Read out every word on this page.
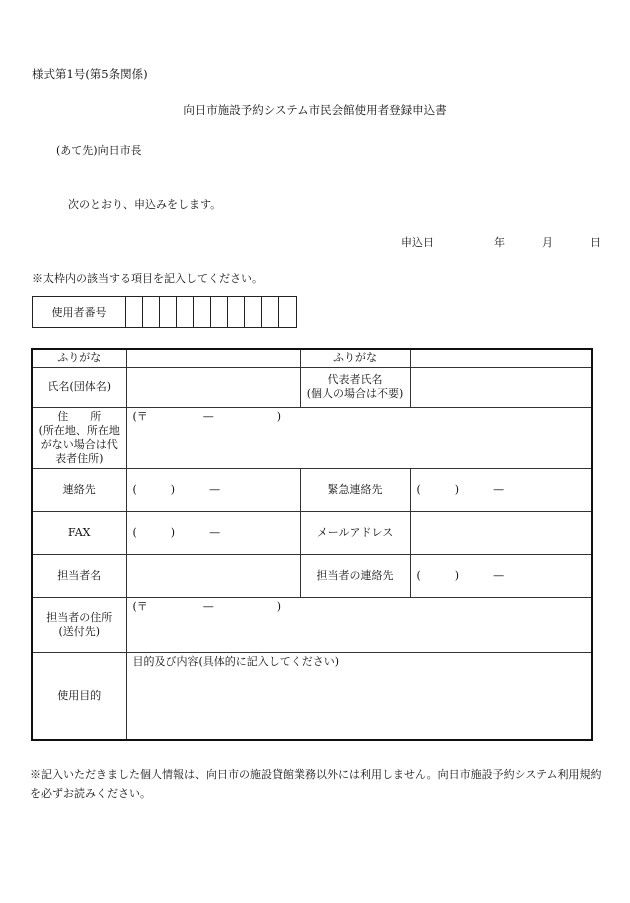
様式第1号(第5条関係)
向日市施設予約システム市民会館使用者登録申込書
(あて先)向日市長
次のとおり、申込みをします。
申込日	年	月	日
※太枠内の該当する項目を記入してください。
使用者番号
ふりがな		ふりがな	
氏名(団体名)		代表者氏名
(個人の場合は不要)	

住　　所
(所在地、所在地
がない場合は代
表者住所)	(〒 — )		
連絡先	( ) —	緊急連絡先	( ) —
FAX	( ) —	メールアドレス	
担当者名		担当者の連絡先	( ) —

担当者の住所
(送付先)	(〒 — )		
使用目的	目的及び内容(具体的に記入してください)		
※記入いただきました個人情報は、向日市の施設貸館業務以外には利用しません。向日市施設予約システム利用規約を必ずお読みください。
